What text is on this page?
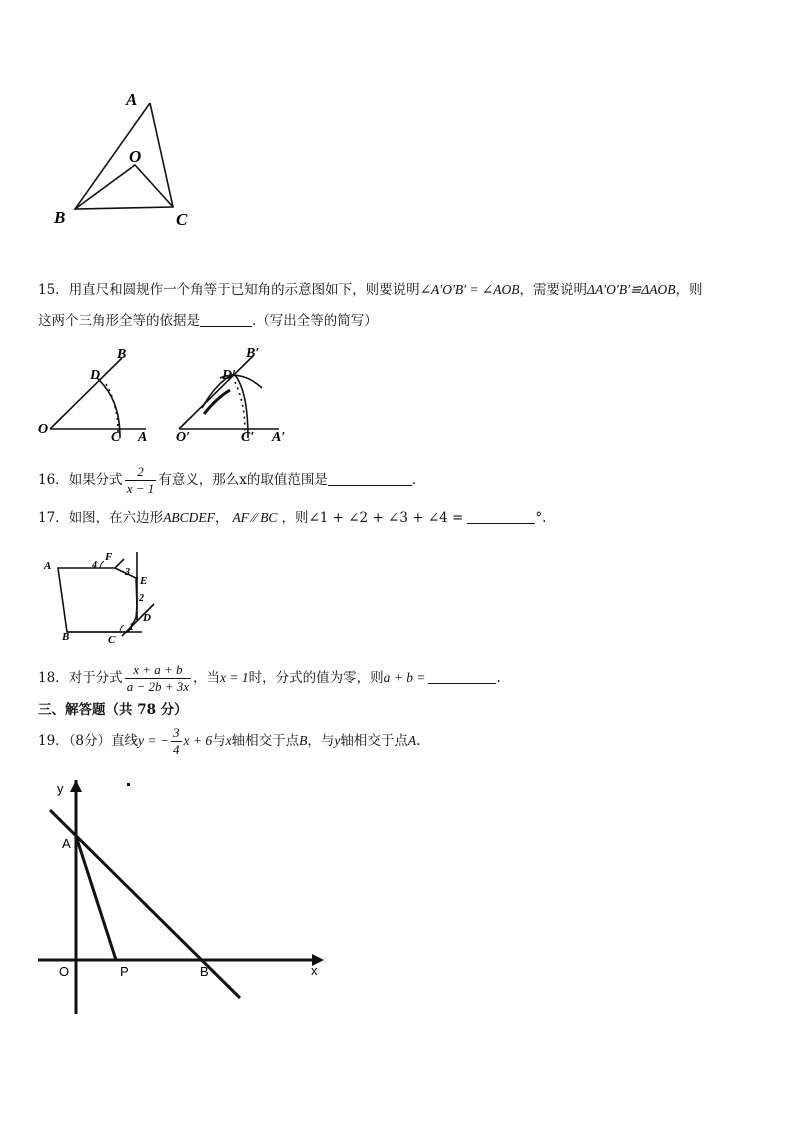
A
O
B	C
15．用直尺和圆规作一个角等于已知角的示意图如下，则要说明∠A′O′B′ = ∠AOB，需要说明ΔA′O′B′≌ΔAOB，则
这两个三角形全等的依据是	.（写出全等的简写）
O
C A
D
B
O′	C′ A′
D′
B′
16．如果分式 $\frac{2}{x - 1}$ 有意义，那么x的取值范围是	.
17．如图，在六边形ABCDEF， AF ⁄⁄ BC ，则∠1 + ∠2 + ∠3 + ∠4 =	°.
A
F
E
D
C
B
4
3
2
1
18．对于分式 $\frac{x + a + b}{a - 2b + 3x}$ ，当x = 1时，分式的值为零，则a + b =	.
三、解答题（共 78 分）
19．（8分）直线y = − $\frac{3}{4}$ x + 6与x轴相交于点B，与y轴相交于点A.
y
x
A
O	P	B
